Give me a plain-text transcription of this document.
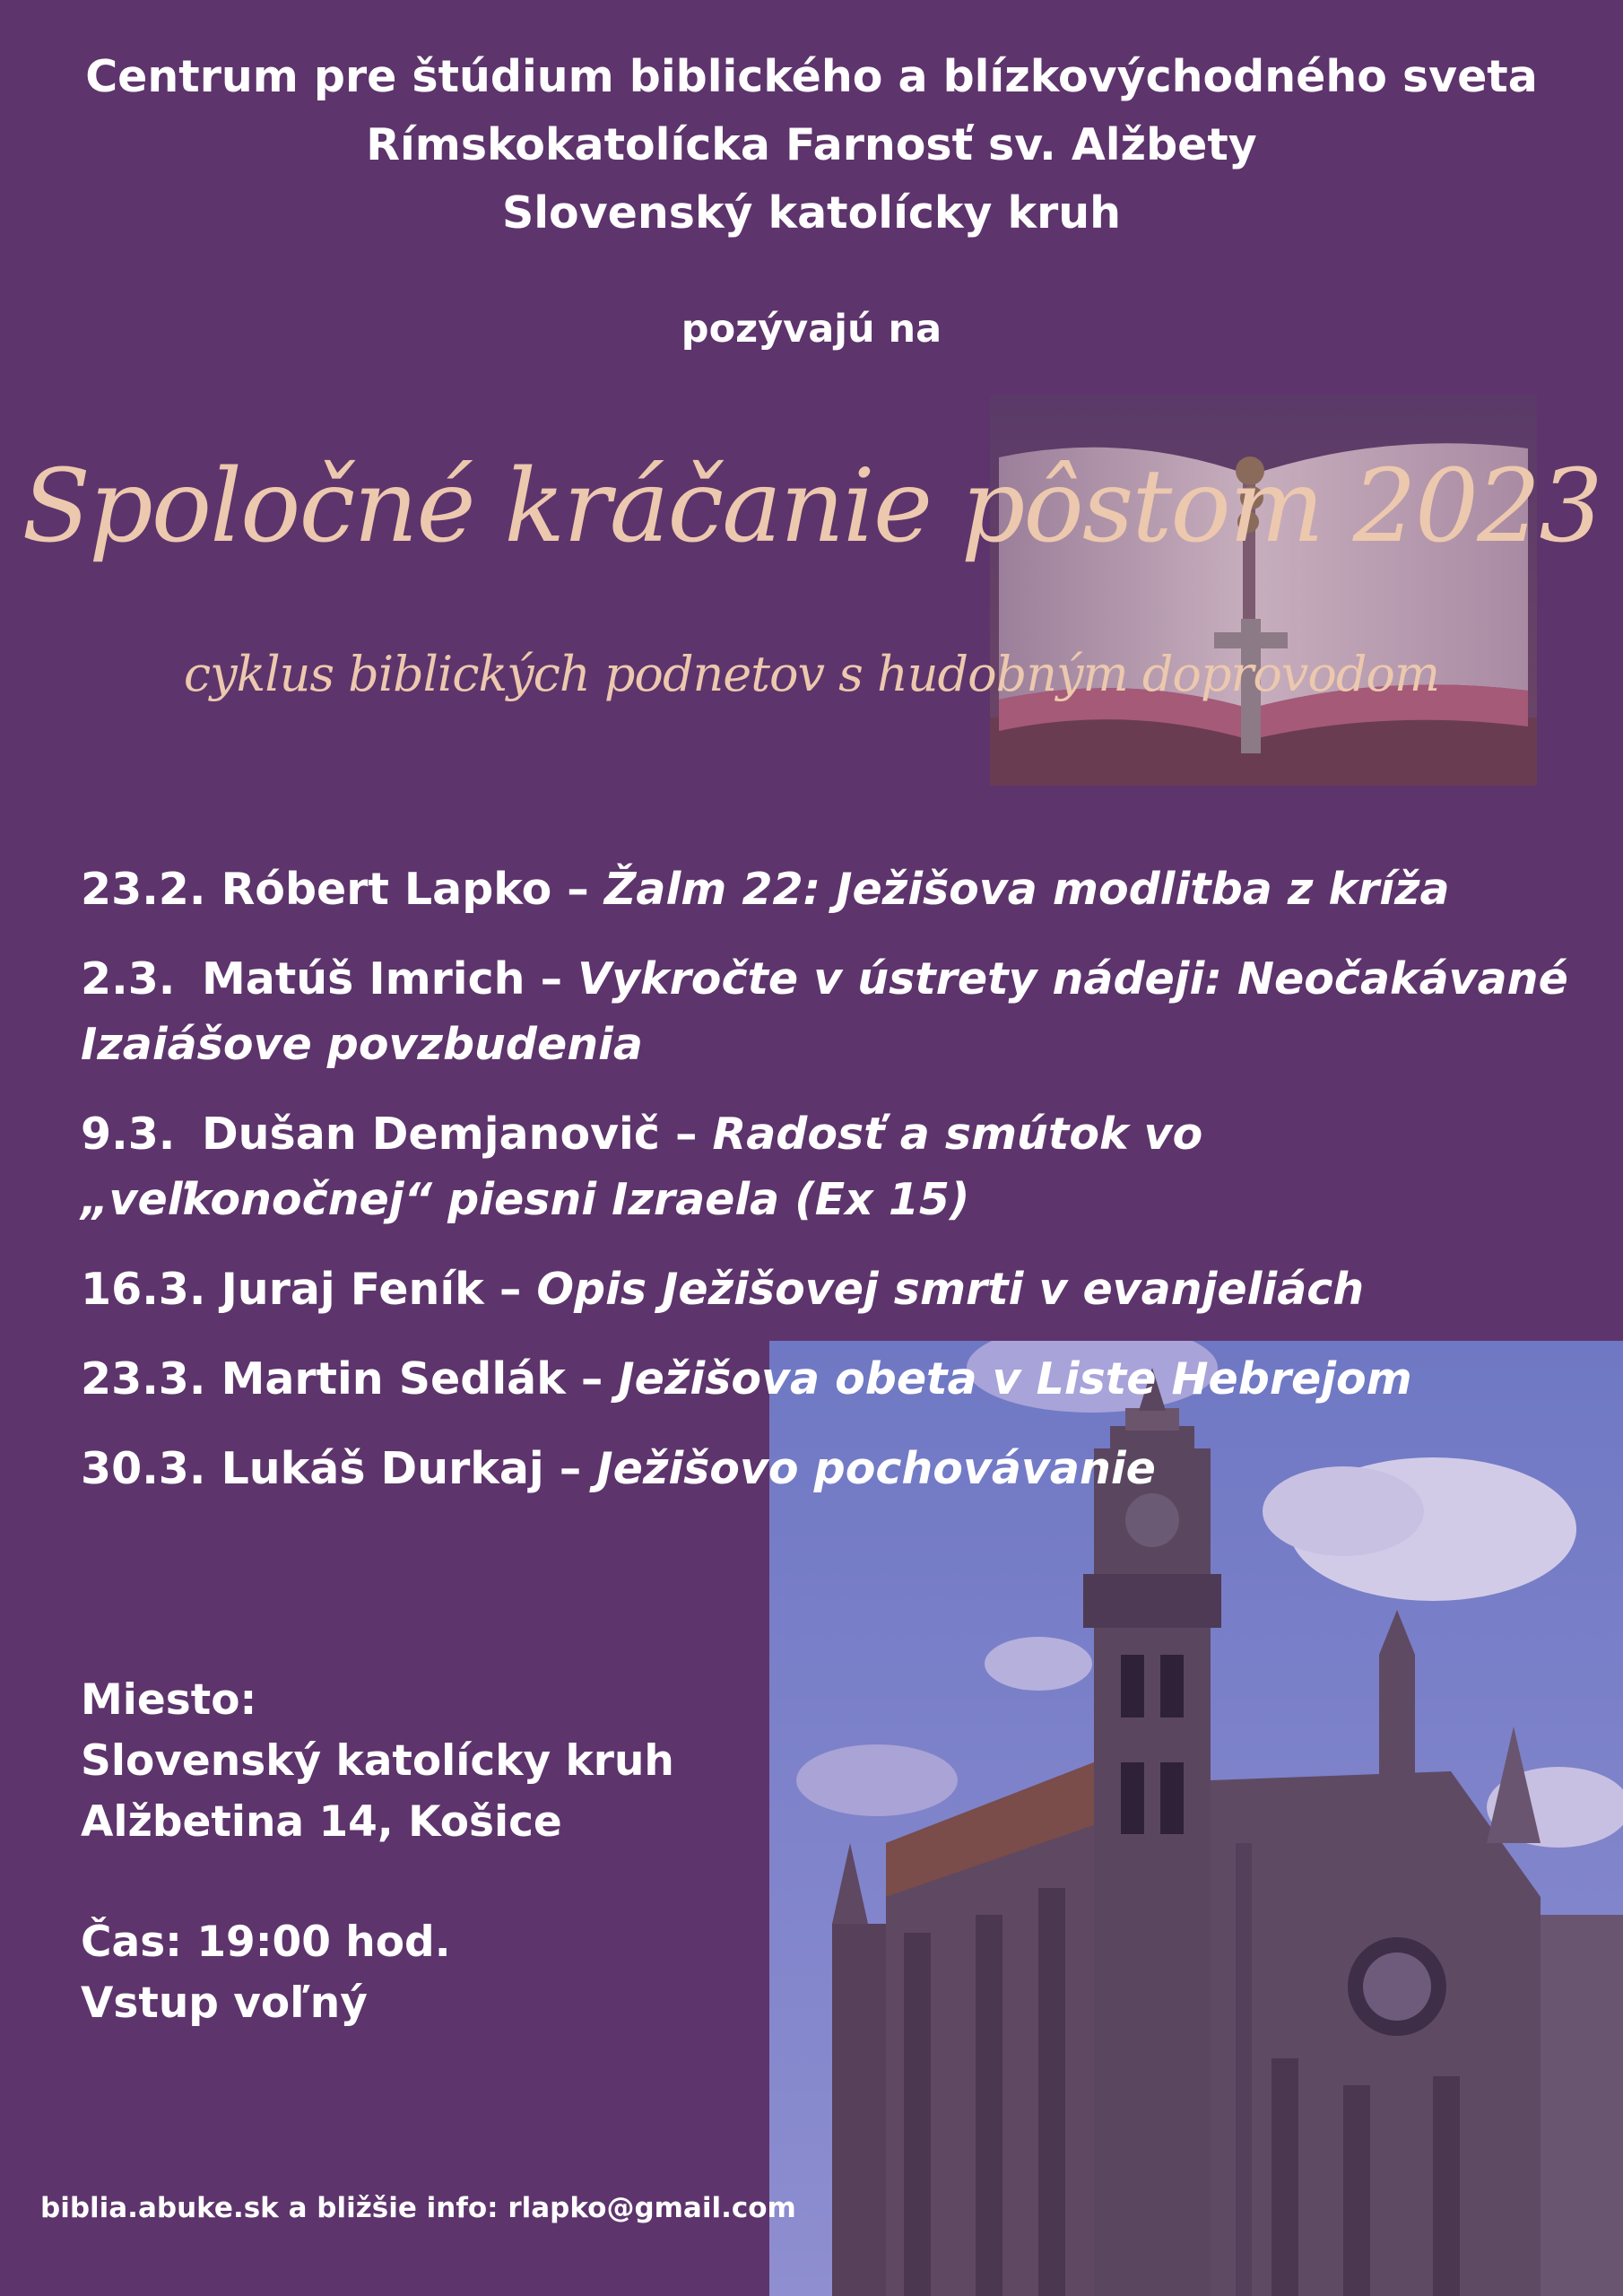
Centrum pre štúdium biblického a blízkovýchodného sveta
Rímskokatolícka Farnosť sv. Alžbety
Slovenský katolícky kruh
pozývajú na
Spoločné kráčanie pôstom 2023
cyklus biblických podnetov s hudobným doprovodom
23.2. Róbert Lapko – Žalm 22: Ježišova modlitba z kríža
2.3. Matúš Imrich – Vykročte v ústrety nádeji: Neočakávané Izaiášove povzbudenia
9.3. Dušan Demjanovič – Radosť a smútok vo „veľkonočnej“ piesni Izraela (Ex 15)
16.3. Juraj Feník – Opis Ježišovej smrti v evanjeliách
23.3. Martin Sedlák – Ježišova obeta v Liste Hebrejom
30.3. Lukáš Durkaj – Ježišovo pochovávanie
Miesto:
Slovenský katolícky kruh
Alžbetina 14, Košice
Čas: 19:00 hod.
Vstup voľný
biblia.abuke.sk a bližšie info: rlapko@gmail.com
